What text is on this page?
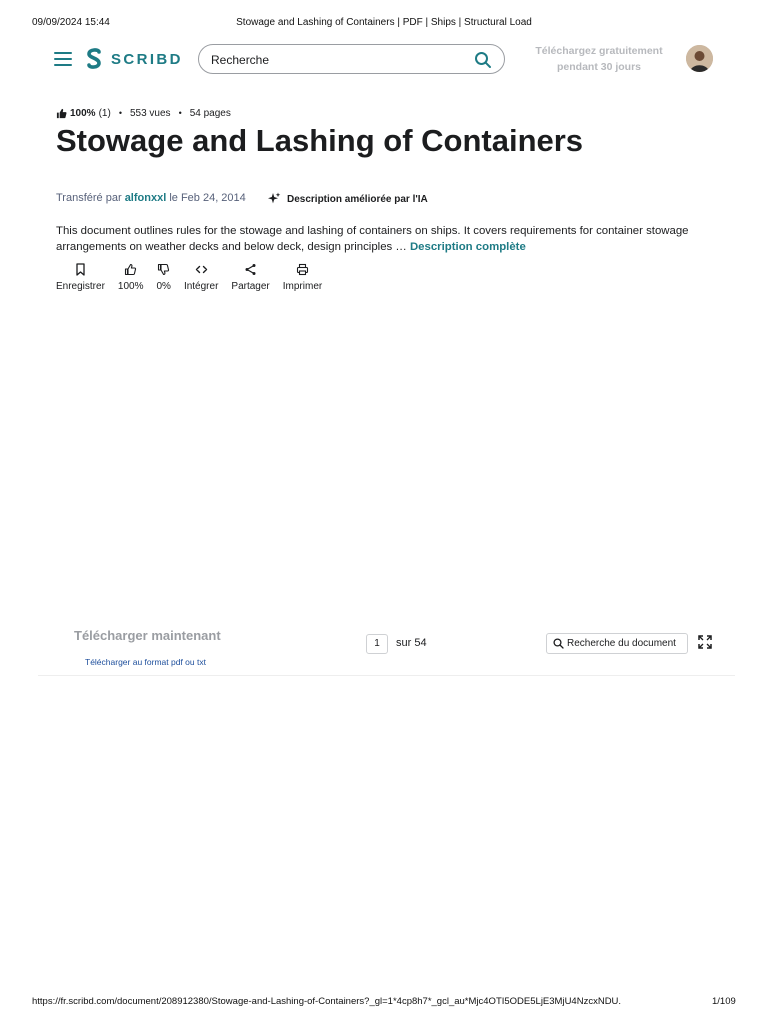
09/09/2024 15:44	Stowage and Lashing of Containers | PDF | Ships | Structural Load
SCRIBD
Recherche	Téléchargez gratuitement
pendant 30 jours
100% (1) • 553 vues • 54 pages
Stowage and Lashing of Containers
Transféré par alfonxxl le Feb 24, 2014	Description améliorée par l'IA

This document outlines rules for the stowage and lashing of containers on ships. It covers requirements for container stowage arrangements on weather decks and below deck, design principles … Description complète

Enregistrer 100% 0% Intégrer Partager Imprimer
Télécharger maintenant
Télécharger au format pdf ou txt
1	sur 54	Recherche du document
https://fr.scribd.com/document/208912380/Stowage-and-Lashing-of-Containers?_gl=1*4cp8h7*_gcl_au*Mjc4OTI5ODE5LjE3MjU4NzcxNDU.	1/109
